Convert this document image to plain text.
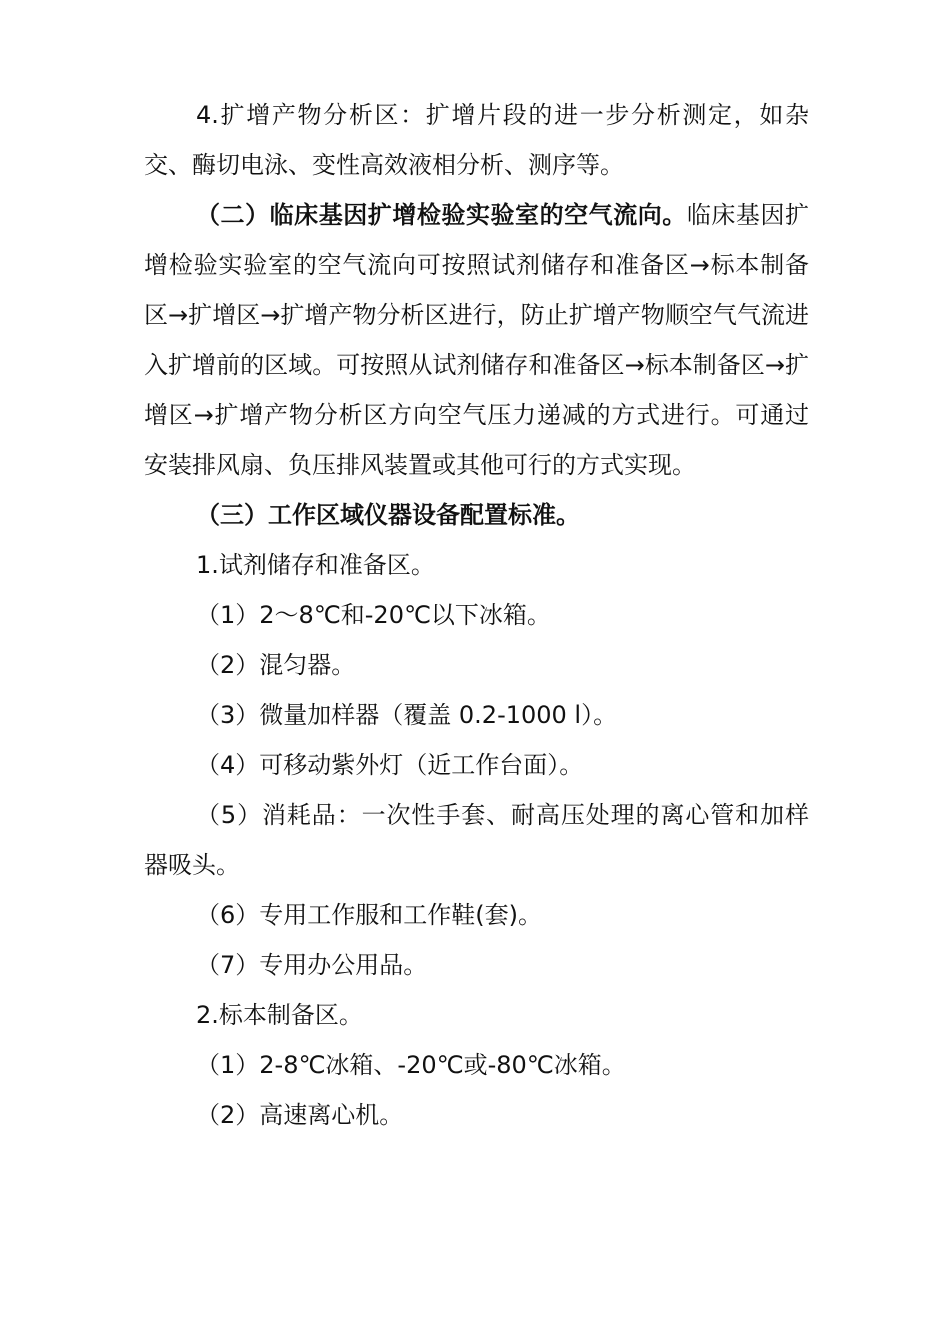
4.扩增产物分析区：扩增片段的进一步分析测定，如杂交、酶切电泳、变性高效液相分析、测序等。

（二）临床基因扩增检验实验室的空气流向。临床基因扩增检验实验室的空气流向可按照试剂储存和准备区→标本制备区→扩增区→扩增产物分析区进行，防止扩增产物顺空气气流进入扩增前的区域。可按照从试剂储存和准备区→标本制备区→扩增区→扩增产物分析区方向空气压力递减的方式进行。可通过安装排风扇、负压排风装置或其他可行的方式实现。

（三）工作区域仪器设备配置标准。

1.试剂储存和准备区。

（1）2～8℃和-20℃以下冰箱。

（2）混匀器。

（3）微量加样器（覆盖 0.2-1000 l）。

（4）可移动紫外灯（近工作台面）。

（5）消耗品：一次性手套、耐高压处理的离心管和加样器吸头。

（6）专用工作服和工作鞋(套)。

（7）专用办公用品。

2.标本制备区。

（1）2-8℃冰箱、-20℃或-80℃冰箱。

（2）高速离心机。
